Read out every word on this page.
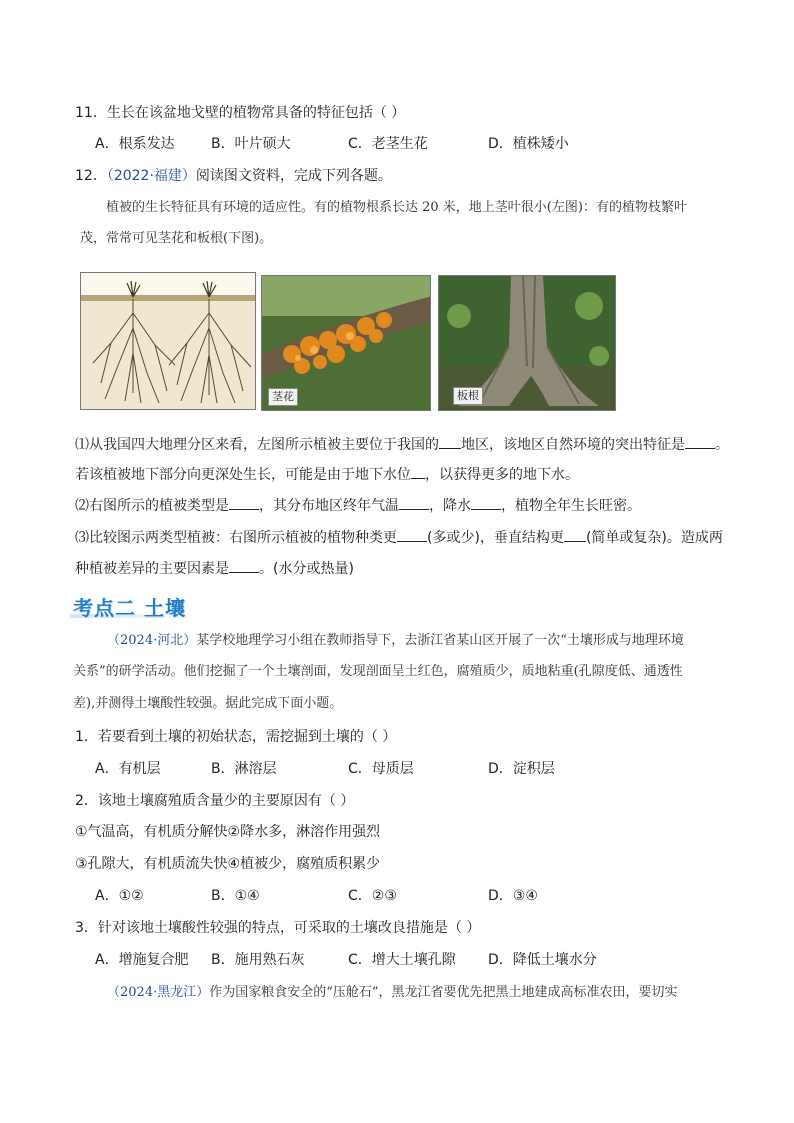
11．生长在该盆地戈壁的植物常具备的特征包括（ ）
A．根系发达	B．叶片硕大	C．老茎生花	D．植株矮小
12．（2022·福建）阅读图文资料，完成下列各题。
植被的生长特征具有环境的适应性。有的植物根系长达 20 米，地上茎叶很小(左图)：有的植物枝繁叶
茂，常常可见茎花和板根(下图)。
茎花	板根
⑴从我国四大地理分区来看，左图所示植被主要位于我国的 地区，该地区自然环境的突出特征是 。
若该植被地下部分向更深处生长，可能是由于地下水位 ，以获得更多的地下水。
⑵右图所示的植被类型是 ，其分布地区终年气温 ，降水 ，植物全年生长旺密。
⑶比较图示两类型植被：右图所示植被的植物种类更 (多或少)，垂直结构更 (简单或复杂)。造成两
种植被差异的主要因素是 。(水分或热量)
考点二 土壤
（2024·河北）某学校地理学习小组在教师指导下，去浙江省某山区开展了一次“土壤形成与地理环境
关系”的研学活动。他们挖掘了一个土壤剖面，发现剖面呈土红色，腐殖质少，质地粘重(孔隙度低、通透性
差),并测得土壤酸性较强。据此完成下面小题。
1．若要看到土壤的初始状态，需挖掘到土壤的（ ）
A．有机层	B．淋溶层	C．母质层	D．淀积层
2．该地土壤腐殖质含量少的主要原因有（ ）
①气温高，有机质分解快②降水多，淋溶作用强烈
③孔隙大，有机质流失快④植被少，腐殖质积累少
A．①②	B．①④	C．②③	D．③④
3．针对该地土壤酸性较强的特点，可采取的土壤改良措施是（ ）
A．增施复合肥 B．施用熟石灰	C．增大土壤孔隙 D．降低土壤水分
（2024·黑龙江）作为国家粮食安全的“压舱石”，黑龙江省要优先把黑土地建成高标准农田，要切实
